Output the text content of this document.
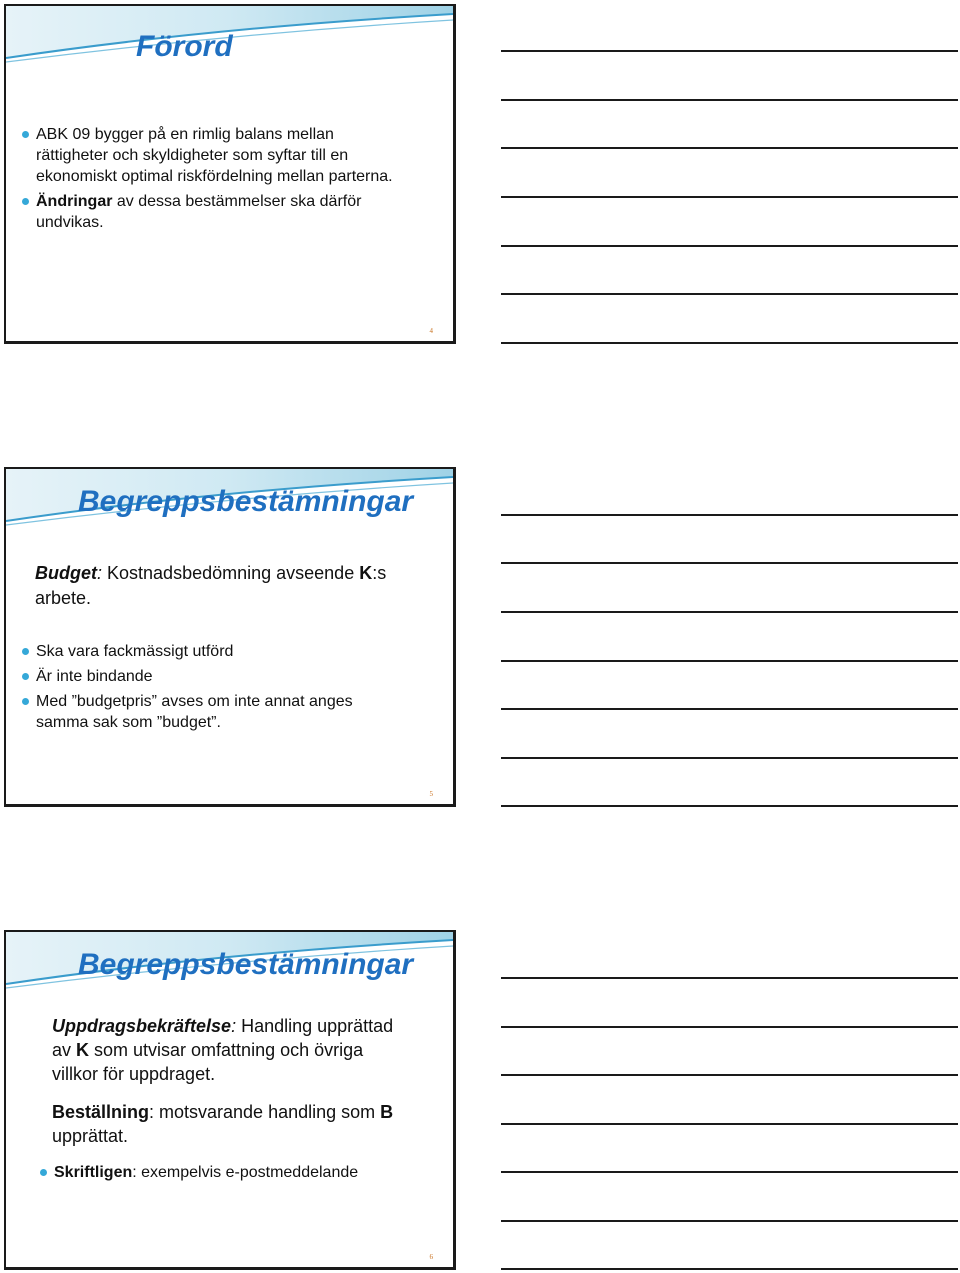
Förord
ABK 09 bygger på en rimlig balans mellan
rättigheter och skyldigheter som syftar till en
ekonomiskt optimal riskfördelning mellan parterna.
Ändringar av dessa bestämmelser ska därför
undvikas.
4
Begreppsbestämningar
Budget: Kostnadsbedömning avseende K:s
arbete.
Ska vara fackmässigt utförd
Är inte bindande
Med ”budgetpris” avses om inte annat anges
samma sak som ”budget”.
5
Begreppsbestämningar
Uppdragsbekräftelse: Handling upprättad
av K som utvisar omfattning och övriga
villkor för uppdraget.
Beställning: motsvarande handling som B
upprättat.
Skriftligen: exempelvis e-postmeddelande
6
